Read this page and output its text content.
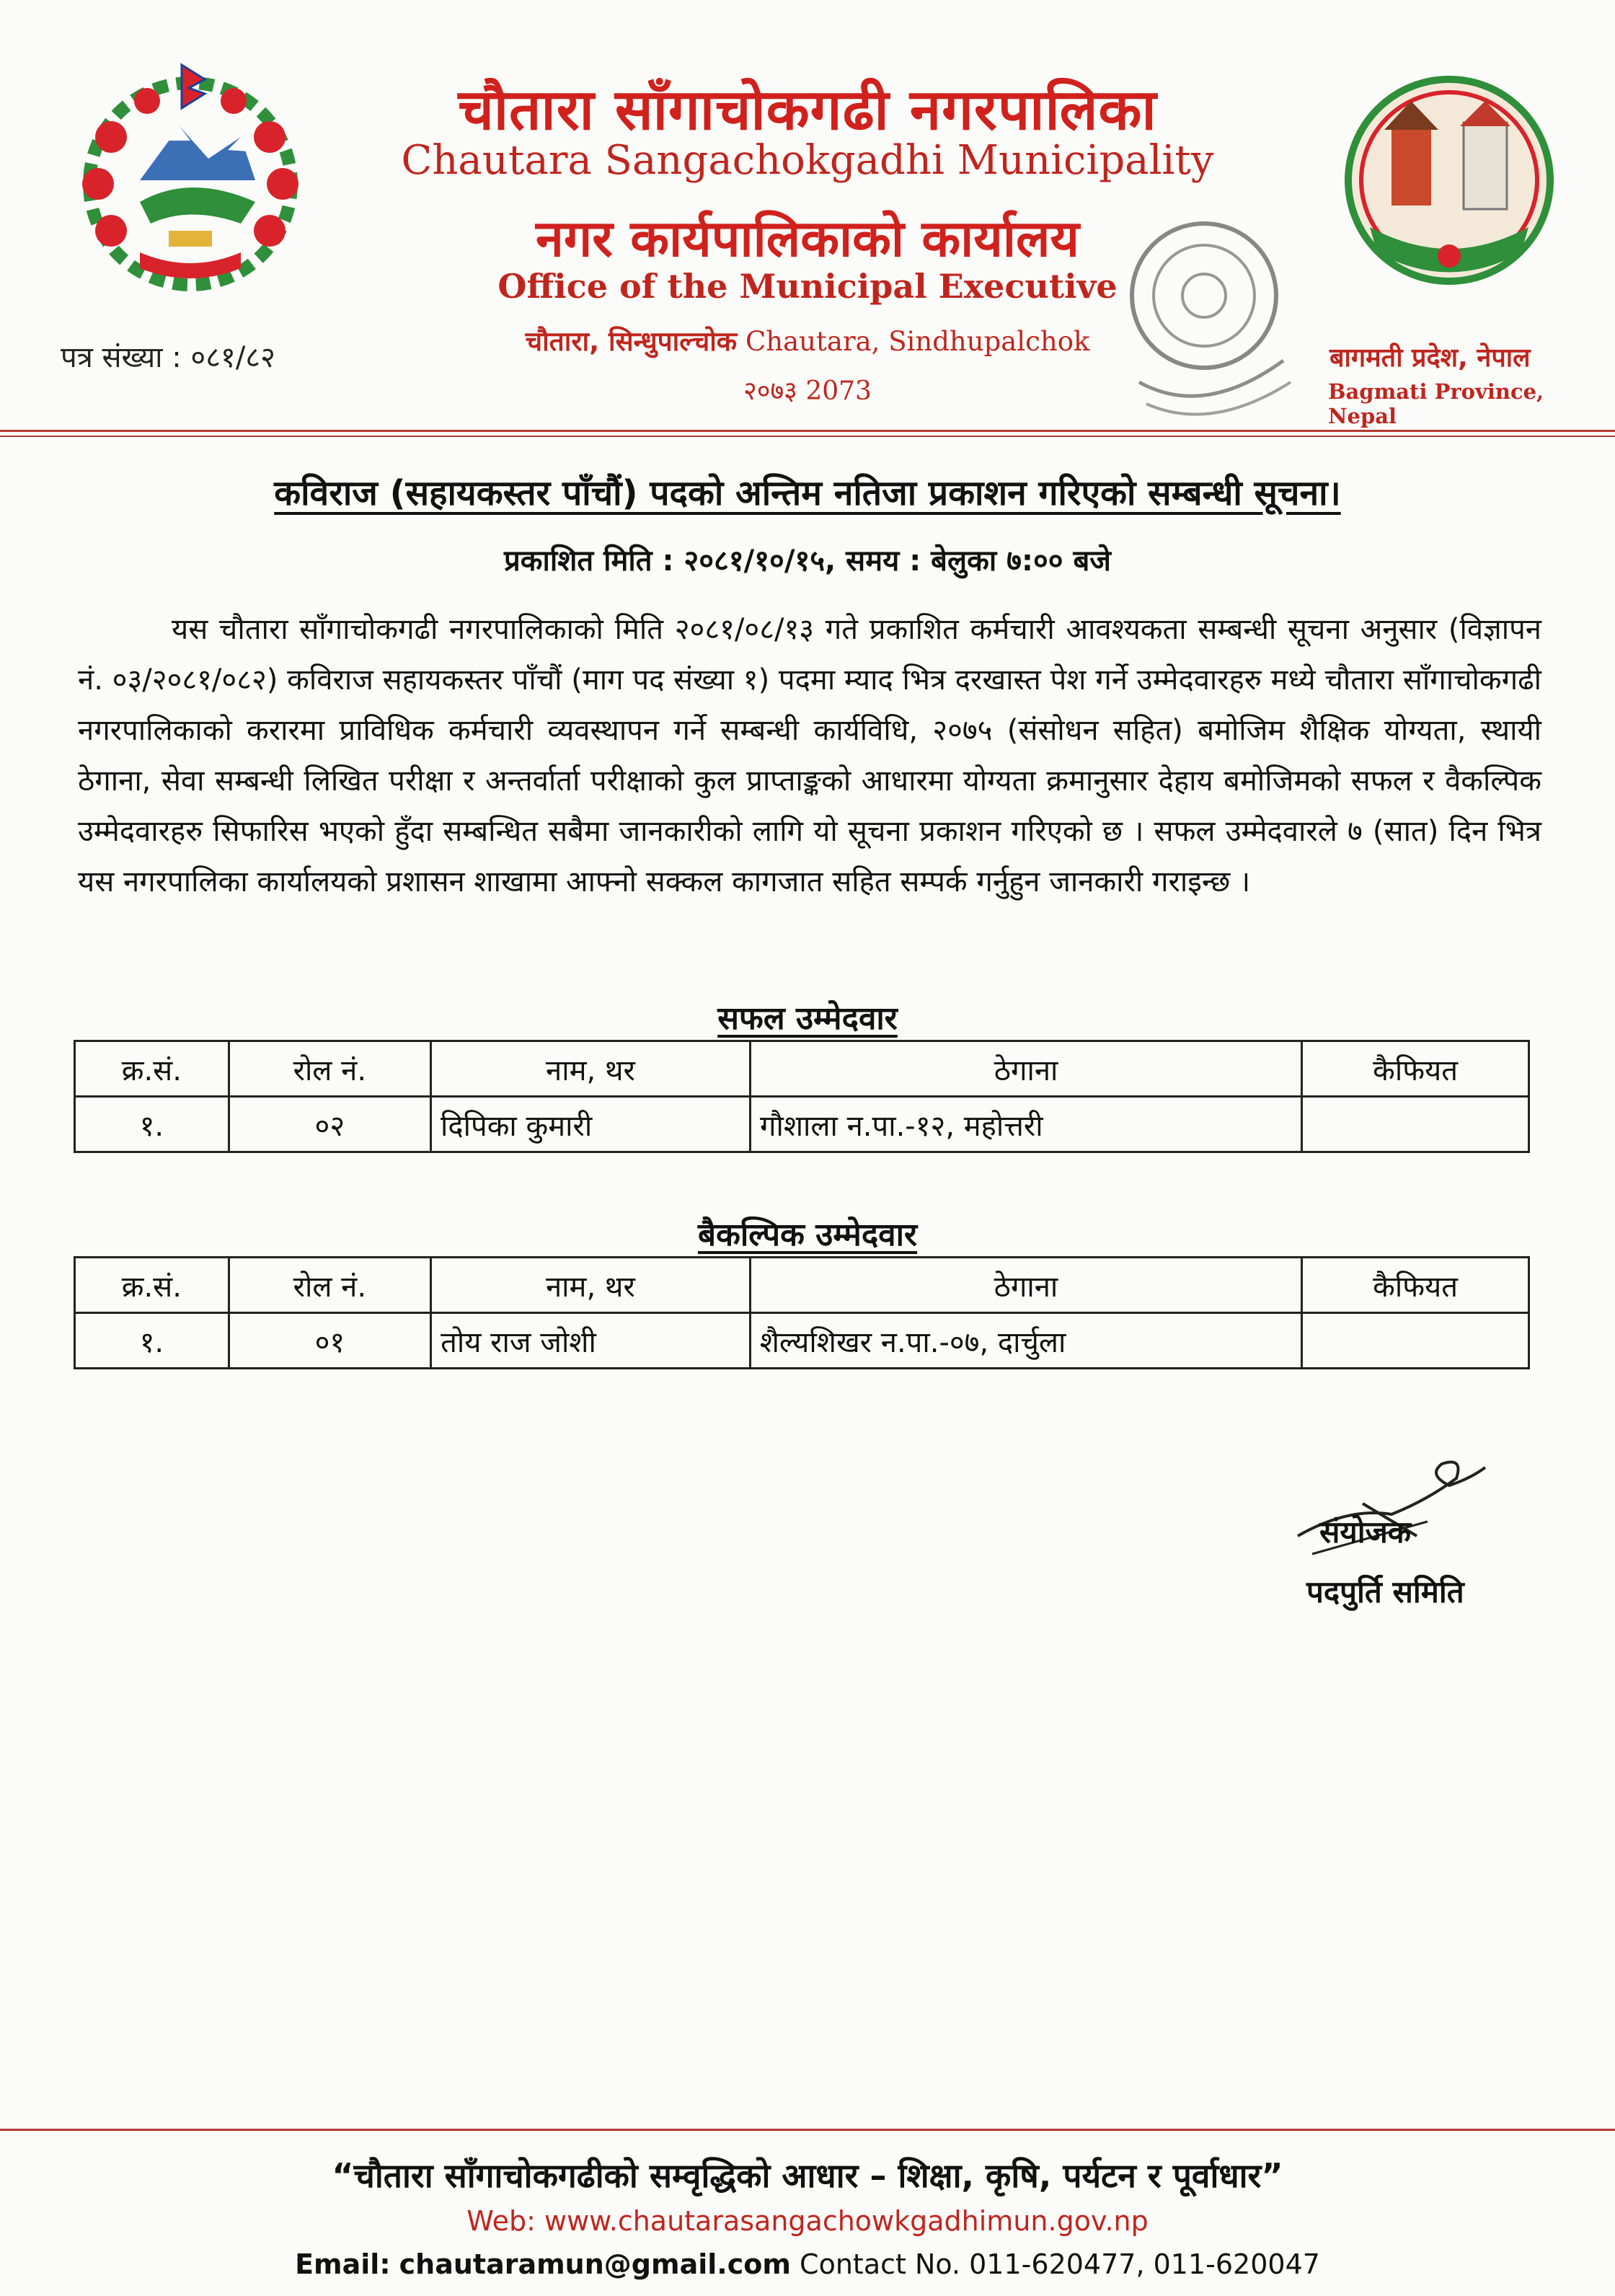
चौतारा साँगाचोकगढी नगरपालिका
Chautara Sangachokgadhi Municipality
नगर कार्यपालिकाको कार्यालय
Office of the Municipal Executive
चौतारा, सिन्धुपाल्चोक Chautara, Sindhupalchok
२०७३ 2073
पत्र संख्या : ०८१/८२	बागमती प्रदेश, नेपाल
Bagmati Province, Nepal
कविराज (सहायकस्तर पाँचौं) पदको अन्तिम नतिजा प्रकाशन गरिएको सम्बन्धी सूचना।
प्रकाशित मिति : २०८१/१०/१५, समय : बेलुका ७:०० बजे
यस चौतारा साँगाचोकगढी नगरपालिकाको मिति २०८१/०८/१३ गते प्रकाशित कर्मचारी आवश्यकता सम्बन्धी सूचना अनुसार (विज्ञापन नं. ०३/२०८१/०८२) कविराज सहायकस्तर पाँचौं (माग पद संख्या १) पदमा म्याद भित्र दरखास्त पेश गर्ने उम्मेदवारहरु मध्ये चौतारा साँगाचोकगढी नगरपालिकाको करारमा प्राविधिक कर्मचारी व्यवस्थापन गर्ने सम्बन्धी कार्यविधि, २०७५ (संसोधन सहित) बमोजिम शैक्षिक योग्यता, स्थायी ठेगाना, सेवा सम्बन्धी लिखित परीक्षा र अन्तर्वार्ता परीक्षाको कुल प्राप्ताङ्कको आधारमा योग्यता क्रमानुसार देहाय बमोजिमको सफल र वैकल्पिक उम्मेदवारहरु सिफारिस भएको हुँदा सम्बन्धित सबैमा जानकारीको लागि यो सूचना प्रकाशन गरिएको छ । सफल उम्मेदवारले ७ (सात) दिन भित्र यस नगरपालिका कार्यालयको प्रशासन शाखामा आफ्नो सक्कल कागजात सहित सम्पर्क गर्नुहुन जानकारी गराइन्छ ।
सफल उम्मेदवार
क्र.सं.	रोल नं.	नाम, थर	ठेगाना	कैफियत
१.	०२	दिपिका कुमारी	गौशाला न.पा.-१२, महोत्तरी	
बैकल्पिक उम्मेदवार
क्र.सं.	रोल नं.	नाम, थर	ठेगाना	कैफियत
१.	०१	तोय राज जोशी	शैल्यशिखर न.पा.-०७, दार्चुला	
संयोजक
पदपुर्ति समिति
“चौतारा साँगाचोकगढीको सम्वृद्धिको आधार – शिक्षा, कृषि, पर्यटन र पूर्वाधार”
Web: www.chautarasangachowkgadhimun.gov.np
Email: chautaramun@gmail.com Contact No. 011-620477, 011-620047
